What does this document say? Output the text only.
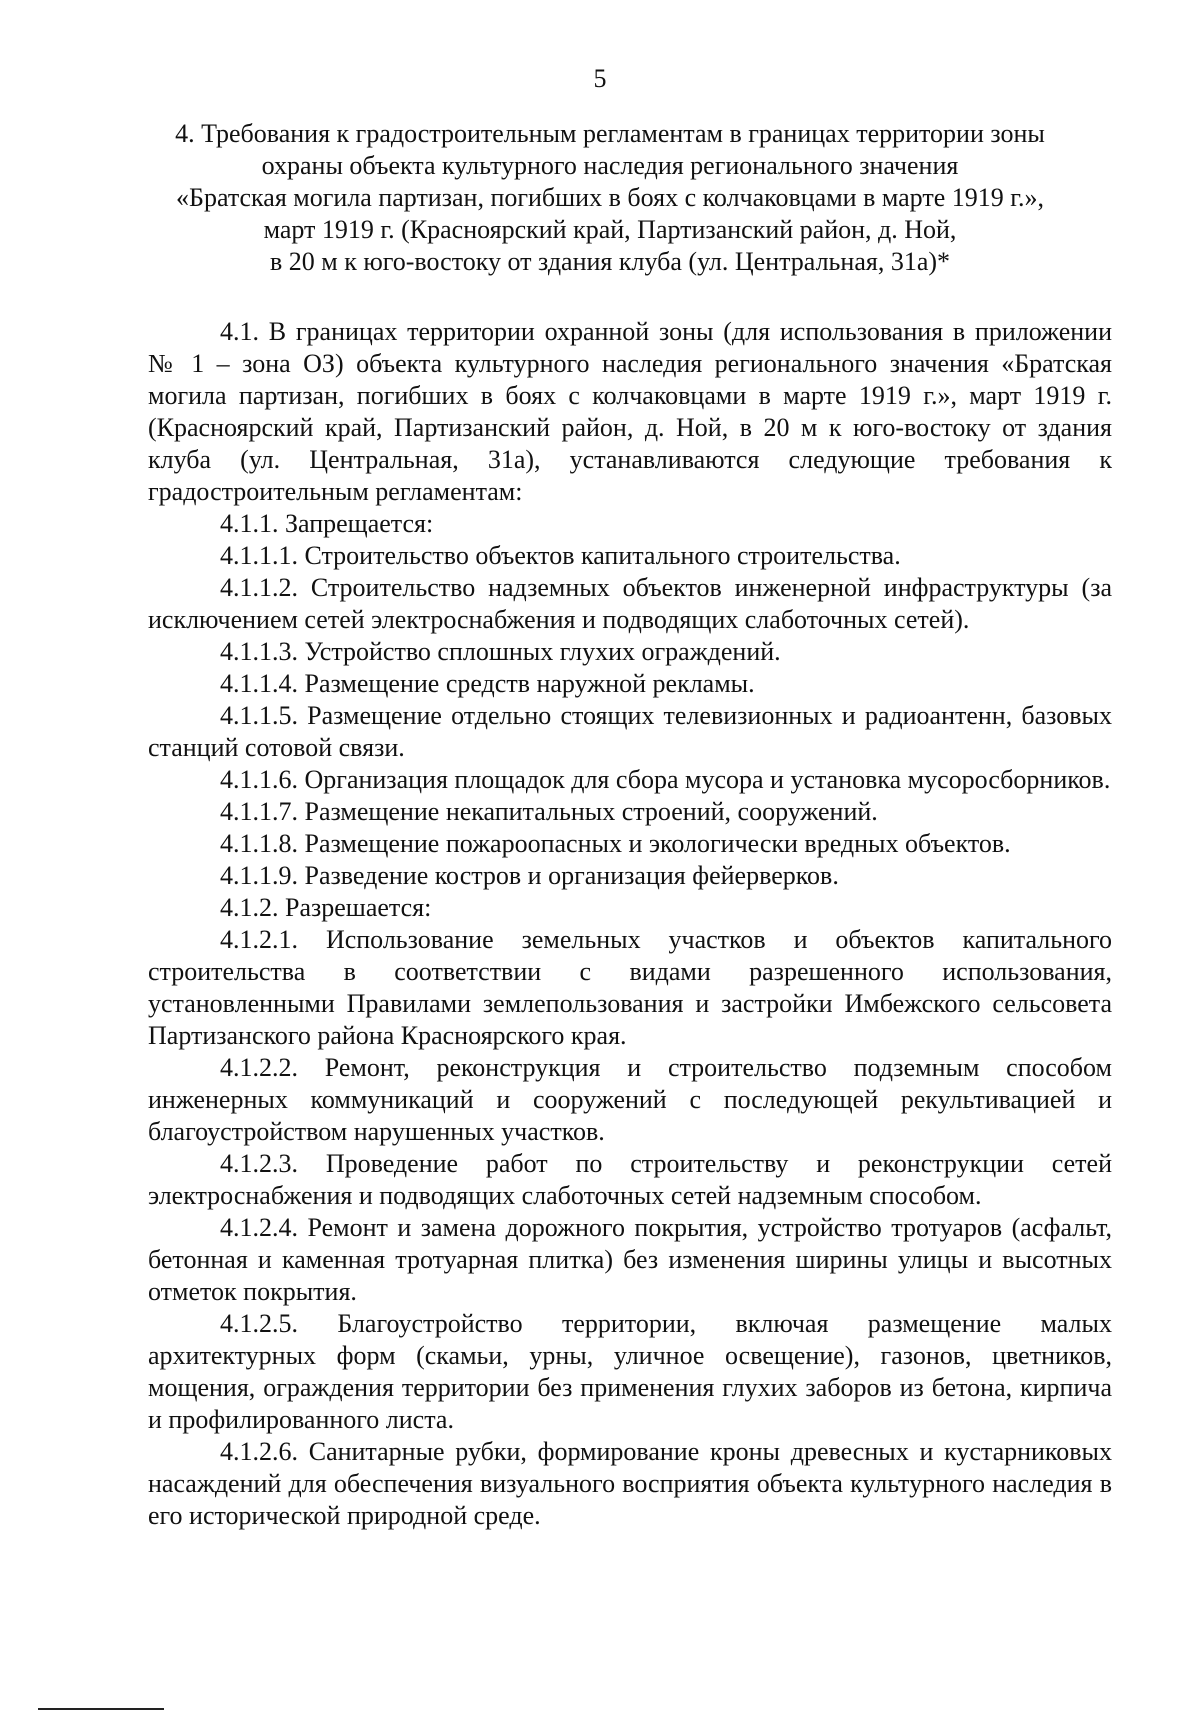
5
4. Требования к градостроительным регламентам в границах территории зоны
охраны объекта культурного наследия регионального значения
«Братская могила партизан, погибших в боях с колчаковцами в марте 1919 г.»,
март 1919 г. (Красноярский край, Партизанский район, д. Ной,
в 20 м к юго-востоку от здания клуба (ул. Центральная, 31а)*

4.1. В границах территории охранной зоны (для использования в приложении № 1 – зона ОЗ) объекта культурного наследия регионального значения «Братская могила партизан, погибших в боях с колчаковцами в марте 1919 г.», март 1919 г. (Красноярский край, Партизанский район, д. Ной, в 20 м к юго-востоку от здания клуба (ул. Центральная, 31а), устанавливаются следующие требования к градостроительным регламентам:

4.1.1. Запрещается:

4.1.1.1. Строительство объектов капитального строительства.

4.1.1.2. Строительство надземных объектов инженерной инфраструктуры (за исключением сетей электроснабжения и подводящих слаботочных сетей).

4.1.1.3. Устройство сплошных глухих ограждений.

4.1.1.4. Размещение средств наружной рекламы.

4.1.1.5. Размещение отдельно стоящих телевизионных и радиоантенн, базовых станций сотовой связи.

4.1.1.6. Организация площадок для сбора мусора и установка мусоросборников.

4.1.1.7. Размещение некапитальных строений, сооружений.

4.1.1.8. Размещение пожароопасных и экологически вредных объектов.

4.1.1.9. Разведение костров и организация фейерверков.

4.1.2. Разрешается:

4.1.2.1. Использование земельных участков и объектов капитального строительства в соответствии с видами разрешенного использования, установленными Правилами землепользования и застройки Имбежского сельсовета Партизанского района Красноярского края.

4.1.2.2. Ремонт, реконструкция и строительство подземным способом инженерных коммуникаций и сооружений с последующей рекультивацией и благоустройством нарушенных участков.

4.1.2.3. Проведение работ по строительству и реконструкции сетей электроснабжения и подводящих слаботочных сетей надземным способом.

4.1.2.4. Ремонт и замена дорожного покрытия, устройство тротуаров (асфальт, бетонная и каменная тротуарная плитка) без изменения ширины улицы и высотных отметок покрытия.

4.1.2.5. Благоустройство территории, включая размещение малых архитектурных форм (скамьи, урны, уличное освещение), газонов, цветников, мощения, ограждения территории без применения глухих заборов из бетона, кирпича и профилированного листа.

4.1.2.6. Санитарные рубки, формирование кроны древесных и кустарниковых насаждений для обеспечения визуального восприятия объекта культурного наследия в его исторической природной среде.
